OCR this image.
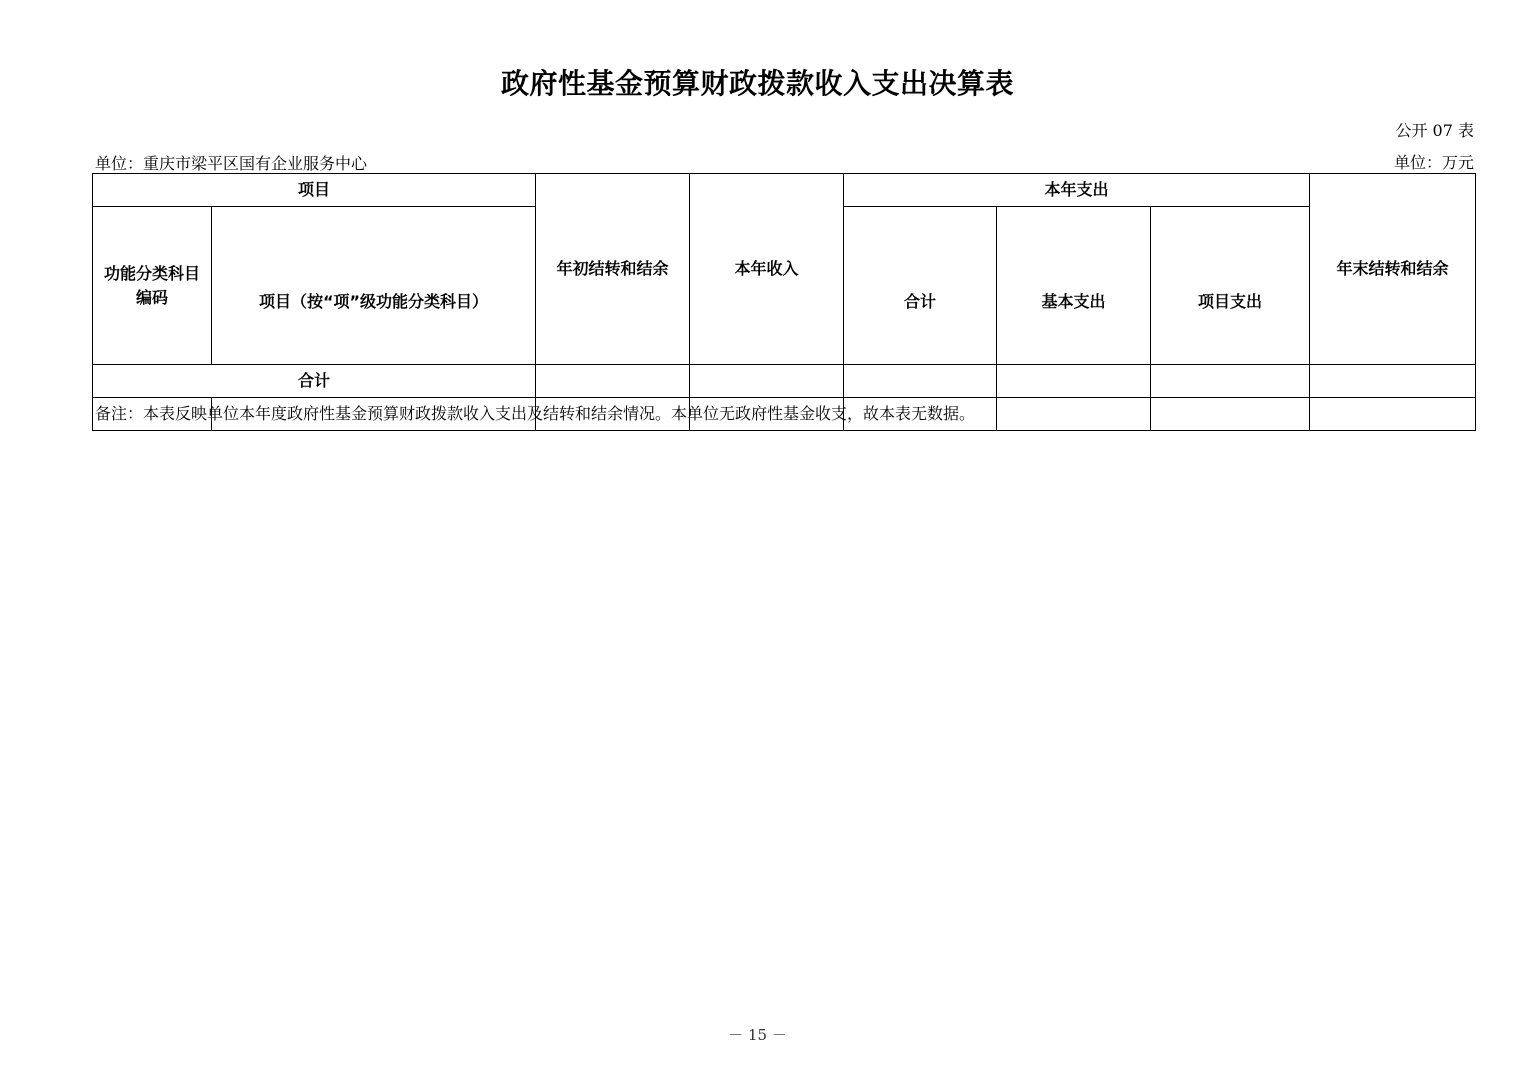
政府性基金预算财政拨款收入支出决算表
公开 07 表
单位：重庆市梁平区国有企业服务中心	单位：万元
项目		年初结转和结余	本年收入	本年支出			年末结转和结余
功能分类科目
编码	项目（按“项”级功能分类科目）			合计	基本支出	项目支出	
合计							

备注：本表反映单位本年度政府性基金预算财政拨款收入支出及结转和结余情况。本单位无政府性基金收支，故本表无数据。
－ 15 －
